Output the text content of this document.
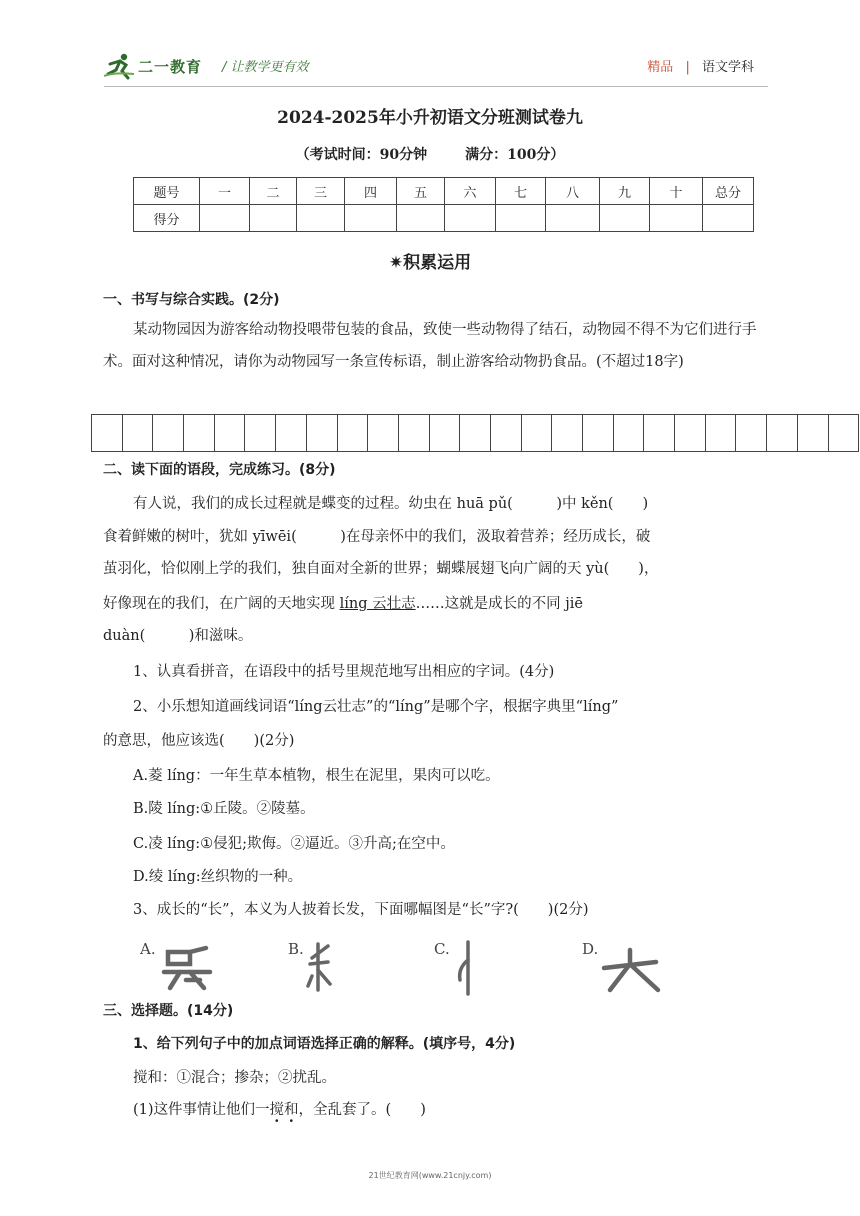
二一教育 / 让教学更有效	精品 | 语文学科
2024-2025年小升初语文分班测试卷九
（考试时间：90分钟	满分：100分）
题号	一	二	三	四	五	六	七	八	九	十	总分
得分											
✷积累运用
一、书写与综合实践。(2分)
某动物园因为游客给动物投喂带包装的食品，致使一些动物得了结石，动物园不得不为它们进行手术。面对这种情况，请你为动物园写一条宣传标语，制止游客给动物扔食品。(不超过18字)
二、读下面的语段，完成练习。(8分)
有人说，我们的成长过程就是蝶变的过程。幼虫在 huā pǔ(　　　)中 kěn(　　)
食着鲜嫩的树叶，犹如 yīwēi(　　　)在母亲怀中的我们，汲取着营养；经历成长，破
茧羽化，恰似刚上学的我们，独自面对全新的世界；蝴蝶展翅飞向广阔的天 yù(　　)，
好像现在的我们，在广阔的天地实现 líng 云壮志……这就是成长的不同 jiē
duàn(　　　)和滋味。
1、认真看拼音，在语段中的括号里规范地写出相应的字词。(4分)
2、小乐想知道画线词语“líng云壮志”的“líng”是哪个字，根据字典里“líng”
的意思，他应该选(　　)(2分)
A.菱 líng：一年生草本植物，根生在泥里，果肉可以吃。
B.陵 líng:①丘陵。②陵墓。
C.凌 líng:①侵犯;欺侮。②逼近。③升高;在空中。
D.绫 líng:丝织物的一种。
3、成长的“长”，本义为人披着长发，下面哪幅图是“长”字?(　　)(2分)
A.	B.	C.	D.
三、选择题。(14分)
1、给下列句子中的加点词语选择正确的解释。(填序号，4分)
搅和：①混合；掺杂；②扰乱。
(1)这件事情让他们一搅和，全乱套了。(　　)
21世纪教育网(www.21cnjy.com)
